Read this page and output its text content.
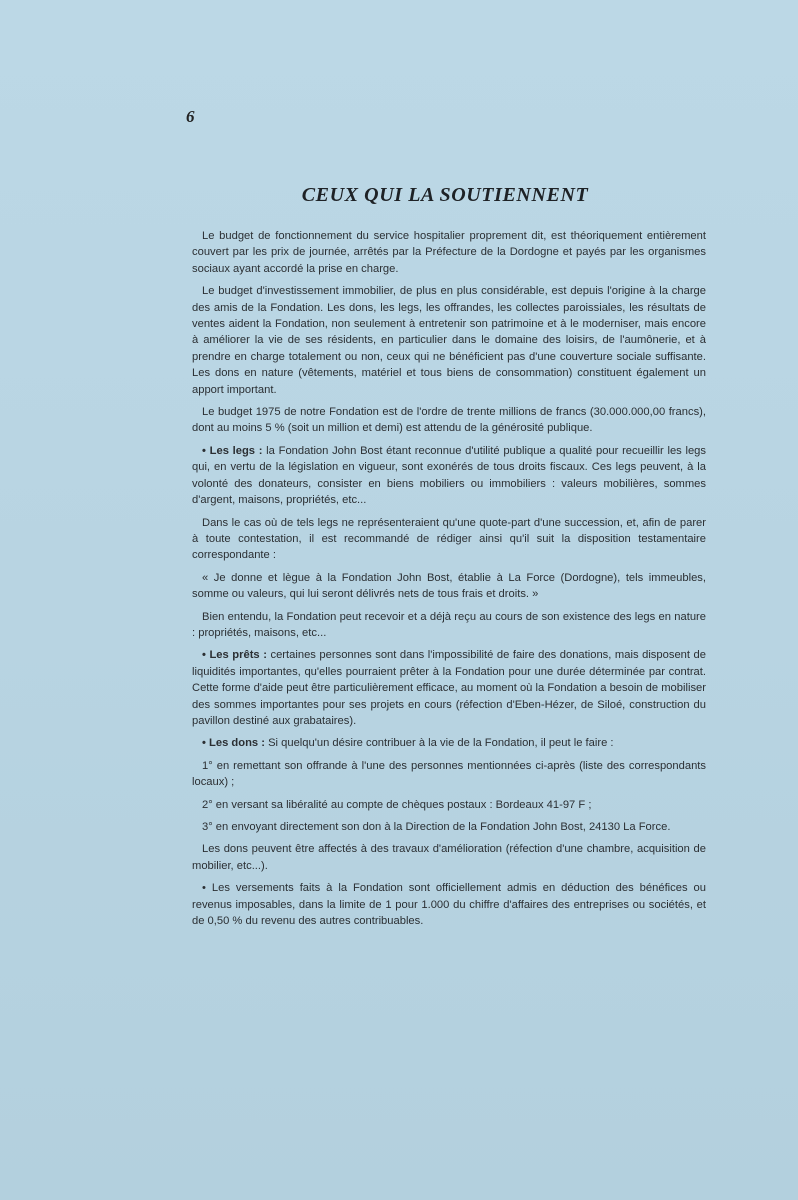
6
CEUX QUI LA SOUTIENNENT

Le budget de fonctionnement du service hospitalier proprement dit, est théoriquement entièrement couvert par les prix de journée, arrêtés par la Préfecture de la Dordogne et payés par les organismes sociaux ayant accordé la prise en charge.

Le budget d'investissement immobilier, de plus en plus considérable, est depuis l'origine à la charge des amis de la Fondation. Les dons, les legs, les offrandes, les collectes paroissiales, les résultats de ventes aident la Fondation, non seulement à entretenir son patrimoine et à le moderniser, mais encore à améliorer la vie de ses résidents, en particulier dans le domaine des loisirs, de l'aumônerie, et à prendre en charge totalement ou non, ceux qui ne bénéficient pas d'une couverture sociale suffisante. Les dons en nature (vêtements, matériel et tous biens de consommation) constituent également un apport important.

Le budget 1975 de notre Fondation est de l'ordre de trente millions de francs (30.000.000,00 francs), dont au moins 5 % (soit un million et demi) est attendu de la générosité publique.

• Les legs : la Fondation John Bost étant reconnue d'utilité publique a qualité pour recueillir les legs qui, en vertu de la législation en vigueur, sont exonérés de tous droits fiscaux. Ces legs peuvent, à la volonté des donateurs, consister en biens mobiliers ou immobiliers : valeurs mobilières, sommes d'argent, maisons, propriétés, etc...

Dans le cas où de tels legs ne représenteraient qu'une quote-part d'une succession, et, afin de parer à toute contestation, il est recommandé de rédiger ainsi qu'il suit la disposition testamentaire correspondante :

« Je donne et lègue à la Fondation John Bost, établie à La Force (Dordogne), tels immeubles, somme ou valeurs, qui lui seront délivrés nets de tous frais et droits. »

Bien entendu, la Fondation peut recevoir et a déjà reçu au cours de son existence des legs en nature : propriétés, maisons, etc...

• Les prêts : certaines personnes sont dans l'impossibilité de faire des donations, mais disposent de liquidités importantes, qu'elles pourraient prêter à la Fondation pour une durée déterminée par contrat. Cette forme d'aide peut être particulièrement efficace, au moment où la Fondation a besoin de mobiliser des sommes importantes pour ses projets en cours (réfection d'Eben-Hézer, de Siloé, construction du pavillon destiné aux grabataires).

• Les dons : Si quelqu'un désire contribuer à la vie de la Fondation, il peut le faire :

1° en remettant son offrande à l'une des personnes mentionnées ci-après (liste des correspondants locaux) ;

2° en versant sa libéralité au compte de chèques postaux : Bordeaux 41-97 F ;

3° en envoyant directement son don à la Direction de la Fondation John Bost, 24130 La Force.

Les dons peuvent être affectés à des travaux d'amélioration (réfection d'une chambre, acquisition de mobilier, etc...).

• Les versements faits à la Fondation sont officiellement admis en déduction des bénéfices ou revenus imposables, dans la limite de 1 pour 1.000 du chiffre d'affaires des entreprises ou sociétés, et de 0,50 % du revenu des autres contribuables.
